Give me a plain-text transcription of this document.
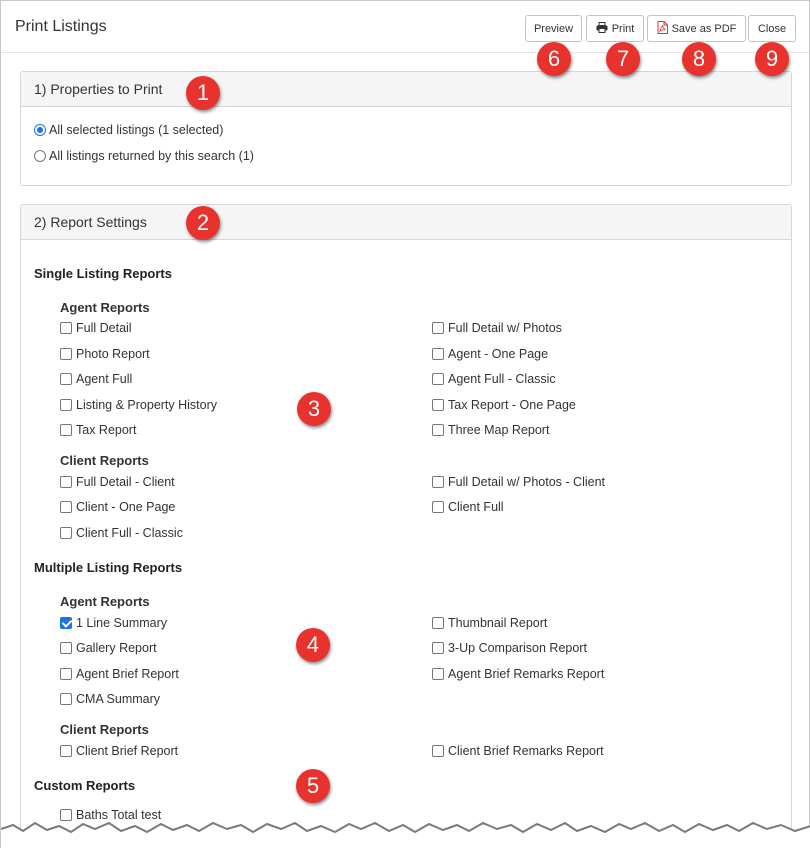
Print Listings	Preview	Print	Save as PDF Close
1) Properties to Print
All selected listings (1 selected)
All listings returned by this search (1)
2) Report Settings
Single Listing Reports
Agent Reports
Full Detail
Photo Report
Agent Full
Listing & Property History
Tax Report
Full Detail w/ Photos
Agent - One Page
Agent Full - Classic
Tax Report - One Page
Three Map Report
Client Reports
Full Detail - Client
Client - One Page
Client Full - Classic
Full Detail w/ Photos - Client
Client Full
Multiple Listing Reports
Agent Reports
1 Line Summary
Gallery Report
Agent Brief Report
CMA Summary
Thumbnail Report
3-Up Comparison Report
Agent Brief Remarks Report
Client Reports
Client Brief Report	Client Brief Remarks Report
Custom Reports
Baths Total test
1
2
3
4
5
6	7	8	9
